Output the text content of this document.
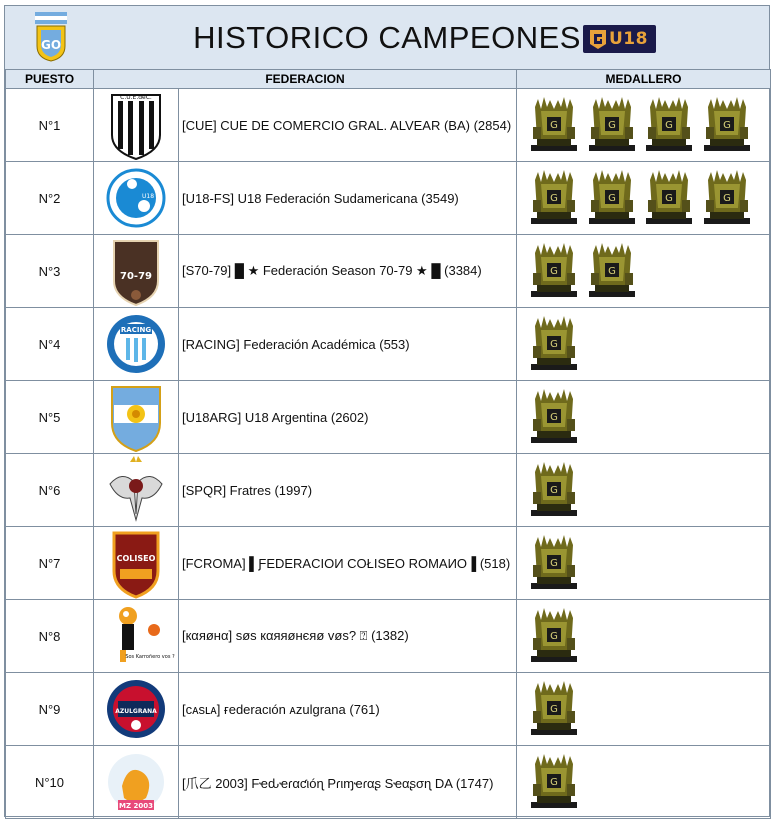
GO	HISTORICO CAMPEONES	U18
PUESTO	FEDERACION		MEDALLERO
N°1	C.U.E.deC.	[CUE] CUE DE COMERCIO GRAL. ALVEAR (BA) (2854)	G
G
G
G

N°2	U18	[U18-FS] U18 Federación Sudamericana (3549)	G
G
G
G

N°3	70-79	[S70-79] █ ★ Federación Season 70-79 ★ █ (3384)	G
G

N°4	RACING	[RACING] Federación Académica (553)	G

N°5		[U18ARG] U18 Argentina (2602)	G

N°6		[SPQR] Fratres (1997)	G

N°7	COLISEO	[FCROMA] ▌ƑEDERACIOИ COŁISEO ROMAИO▐ (518)	G

N°8	Sos Karroñero vos ?	[кαяøʜα] søs кαяяøʜєяø vøs? ⍰ (1382)	G

N°9	AZULGRANA	[ᴄᴀsʟᴀ] ғederacιón ᴀzulgrana (761)	G

N°10	MZ 2003	[爪乙 2003] Fҽԃҽɾαƈιóɳ Pɾιɱҽɾαʂ Sҽαʂσɳ DA (1747)	G
